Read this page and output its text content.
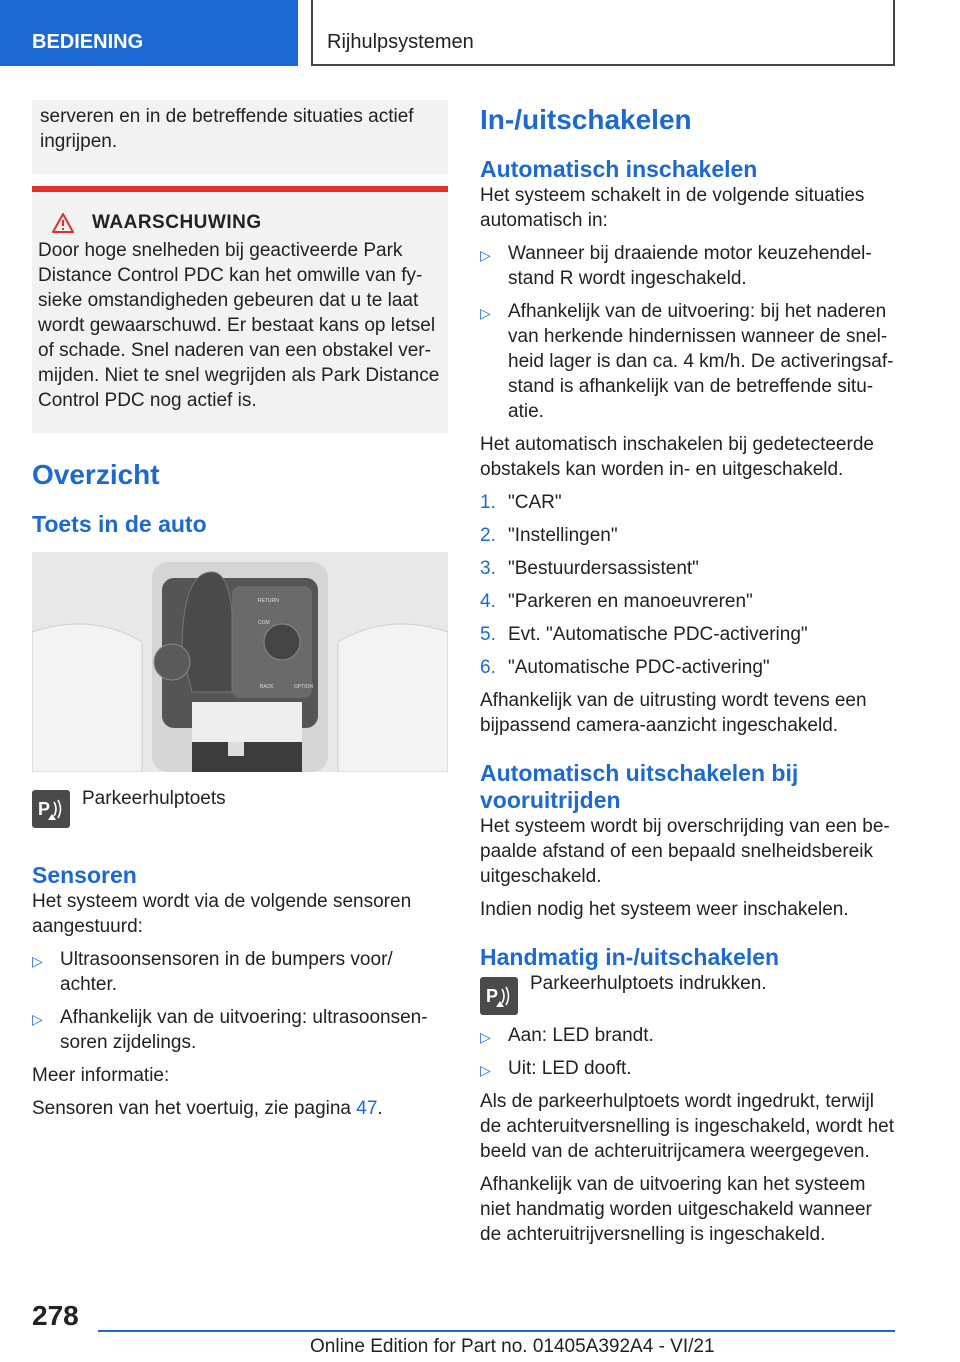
BEDIENING	Rijhulpsystemen

serveren en in de betreffende situaties actief ingrijpen.

WAARSCHUWING

Door hoge snelheden bij geactiveerde Park Distance Control PDC kan het omwille van fy-sieke omstandigheden gebeuren dat u te laat wordt gewaarschuwd. Er bestaat kans op letsel of schade. Snel naderen van een obstakel ver-mijden. Niet te snel wegrijden als Park Distance Control PDC nog actief is.

Overzicht
Toets in de auto
RETURN
COM
BACK	OPTION
P Parkeerhulptoets

Sensoren

Het systeem wordt via de volgende sensoren aangestuurd:

▷ Ultrasoonsensoren in de bumpers voor/ achter.
▷ Afhankelijk van de uitvoering: ultrasoonsen-soren zijdelings.

Meer informatie:

Sensoren van het voertuig, zie pagina 47.

In-/uitschakelen
Automatisch inschakelen

Het systeem schakelt in de volgende situaties automatisch in:

▷ Wanneer bij draaiende motor keuzehendel-stand R wordt ingeschakeld.
▷ Afhankelijk van de uitvoering: bij het naderen van herkende hindernissen wanneer de snel-heid lager is dan ca. 4 km/h. De activeringsaf-stand is afhankelijk van de betreffende situ-atie.

Het automatisch inschakelen bij gedetecteerde obstakels kan worden in- en uitgeschakeld.

1. "CAR"
2. "Instellingen"
3. "Bestuurdersassistent"
4. "Parkeren en manoeuvreren"
5. Evt. "Automatische PDC-activering"
6. "Automatische PDC-activering"

Afhankelijk van de uitrusting wordt tevens een bijpassend camera-aanzicht ingeschakeld.

Automatisch uitschakelen bij vooruitrijden

Het systeem wordt bij overschrijding van een be-paalde afstand of een bepaald snelheidsbereik uitgeschakeld.

Indien nodig het systeem weer inschakelen.

Handmatig in-/uitschakelen
P

Parkeerhulptoets indrukken.

▷ Aan: LED brandt.
▷ Uit: LED dooft.

Als de parkeerhulptoets wordt ingedrukt, terwijl de achteruitversnelling is ingeschakeld, wordt het beeld van de achteruitrijcamera weergegeven.

Afhankelijk van de uitvoering kan het systeem niet handmatig worden uitgeschakeld wanneer de achteruitrijversnelling is ingeschakeld.

278
Online Edition for Part no. 01405A392A4 - VI/21
